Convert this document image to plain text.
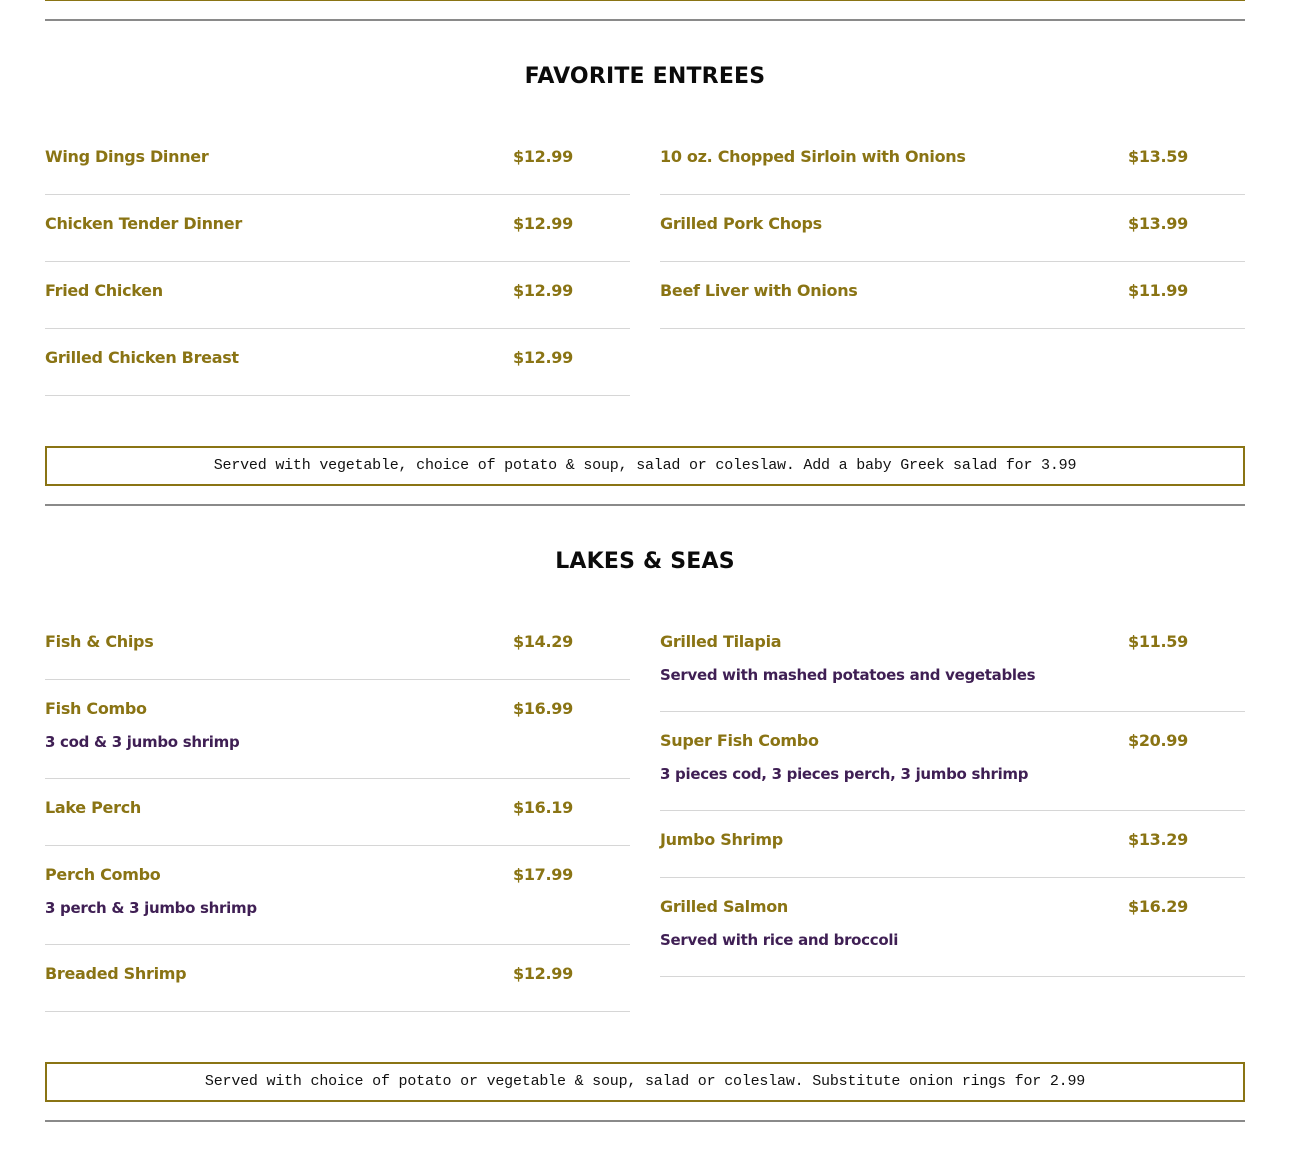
FAVORITE ENTREES
Wing Dings Dinner	$12.99
Chicken Tender Dinner	$12.99
Fried Chicken	$12.99
Grilled Chicken Breast	$12.99
10 oz. Chopped Sirloin with Onions	$13.59
Grilled Pork Chops	$13.99
Beef Liver with Onions	$11.99
Served with vegetable, choice of potato & soup, salad or coleslaw. Add a baby Greek salad for 3.99
LAKES & SEAS
Fish & Chips	$14.29
Fish Combo	$16.99
3 cod & 3 jumbo shrimp
Lake Perch	$16.19
Perch Combo	$17.99
3 perch & 3 jumbo shrimp
Breaded Shrimp	$12.99
Grilled Tilapia	$11.59
Served with mashed potatoes and vegetables
Super Fish Combo	$20.99
3 pieces cod, 3 pieces perch, 3 jumbo shrimp
Jumbo Shrimp	$13.29
Grilled Salmon	$16.29
Served with rice and broccoli
Served with choice of potato or vegetable & soup, salad or coleslaw. Substitute onion rings for 2.99
